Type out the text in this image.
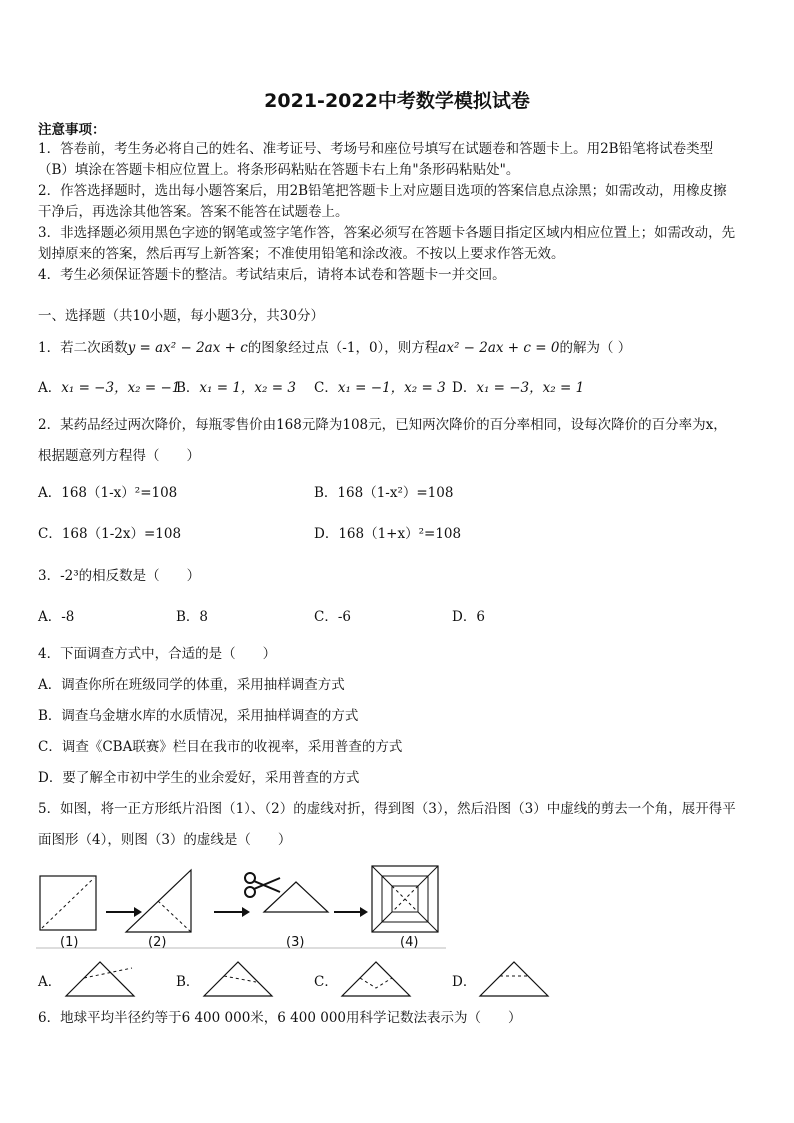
2021-2022中考数学模拟试卷
注意事项：
1．答卷前，考生务必将自己的姓名、准考证号、考场号和座位号填写在试题卷和答题卡上。用2B铅笔将试卷类型
（B）填涂在答题卡相应位置上。将条形码粘贴在答题卡右上角"条形码粘贴处"。
2．作答选择题时，选出每小题答案后，用2B铅笔把答题卡上对应题目选项的答案信息点涂黑；如需改动，用橡皮擦
干净后，再选涂其他答案。答案不能答在试题卷上。
3．非选择题必须用黑色字迹的钢笔或签字笔作答，答案必须写在答题卡各题目指定区域内相应位置上；如需改动，先
划掉原来的答案，然后再写上新答案；不准使用铅笔和涂改液。不按以上要求作答无效。
4．考生必须保证答题卡的整洁。考试结束后，请将本试卷和答题卡一并交回。
一、选择题（共10小题，每小题3分，共30分）
1．若二次函数y = ax² − 2ax + c的图象经过点（-1，0），则方程ax² − 2ax + c = 0的解为（ ）
A．x₁ = −3，x₂ = −1
B．x₁ = 1，x₂ = 3 C．x₁ = −1，x₂ = 3 D．x₁ = −3，x₂ = 1
2．某药品经过两次降价，每瓶零售价由168元降为108元，已知两次降价的百分率相同，设每次降价的百分率为x，
根据题意列方程得（　　）
A．168（1-x）²=108	B．168（1-x²）=108
C．168（1-2x）=108	D．168（1+x）²=108
3．-2³的相反数是（　　）
A．-8	B．8	C．-6	D．6
4．下面调查方式中，合适的是（　　）
A．调查你所在班级同学的体重，采用抽样调查方式
B．调查乌金塘水库的水质情况，采用抽样调查的方式
C．调查《CBA联赛》栏目在我市的收视率，采用普查的方式
D．要了解全市初中学生的业余爱好，采用普查的方式
5．如图，将一正方形纸片沿图（1）、（2）的虚线对折，得到图（3），然后沿图（3）中虚线的剪去一个角，展开得平
面图形（4），则图（3）的虚线是（　　）
(1)	(2)	(3)	(4)
A．	B．	C．	D．
6．地球平均半径约等于6 400 000米，6 400 000用科学记数法表示为（　　）
